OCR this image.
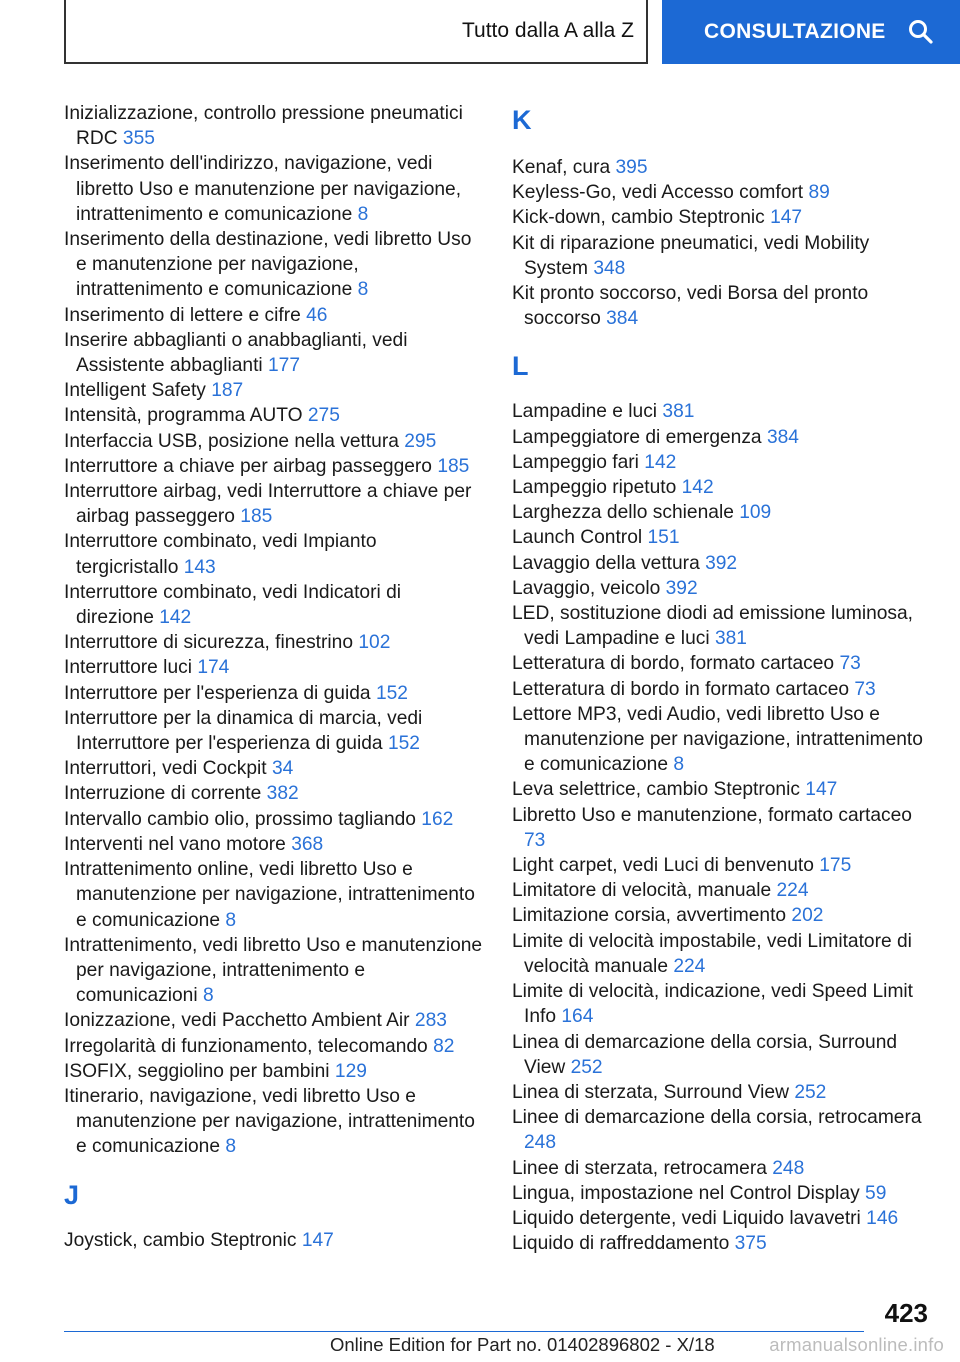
Tutto dalla A alla Z	CONSULTAZIONE
Inizializzazione, controllo pressione pneumatici RDC 355
Inserimento dell'indirizzo, navigazione, vedi libretto Uso e manutenzione per navigazione, intrattenimento e comunicazione 8
Inserimento della destinazione, vedi libretto Uso e manutenzione per navigazione, intrattenimento e comunicazione 8
Inserimento di lettere e cifre 46
Inserire abbaglianti o anabbaglianti, vedi Assistente abbaglianti 177
Intelligent Safety 187
Intensità, programma AUTO 275
Interfaccia USB, posizione nella vettura 295
Interruttore a chiave per airbag passeggero 185
Interruttore airbag, vedi Interruttore a chiave per airbag passeggero 185
Interruttore combinato, vedi Impianto tergicristallo 143
Interruttore combinato, vedi Indicatori di direzione 142
Interruttore di sicurezza, finestrino 102
Interruttore luci 174
Interruttore per l'esperienza di guida 152
Interruttore per la dinamica di marcia, vedi Interruttore per l'esperienza di guida 152
Interruttori, vedi Cockpit 34
Interruzione di corrente 382
Intervallo cambio olio, prossimo tagliando 162
Interventi nel vano motore 368
Intrattenimento online, vedi libretto Uso e manutenzione per navigazione, intrattenimento e comunicazione 8
Intrattenimento, vedi libretto Uso e manutenzione per navigazione, intrattenimento e comunicazioni 8
Ionizzazione, vedi Pacchetto Ambient Air 283
Irregolarità di funzionamento, telecomando 82
ISOFIX, seggiolino per bambini 129
Itinerario, navigazione, vedi libretto Uso e manutenzione per navigazione, intrattenimento e comunicazione 8
J
Joystick, cambio Steptronic 147
K
Kenaf, cura 395
Keyless-Go, vedi Accesso comfort 89
Kick-down, cambio Steptronic 147
Kit di riparazione pneumatici, vedi Mobility System 348
Kit pronto soccorso, vedi Borsa del pronto soccorso 384
L
Lampadine e luci 381
Lampeggiatore di emergenza 384
Lampeggio fari 142
Lampeggio ripetuto 142
Larghezza dello schienale 109
Launch Control 151
Lavaggio della vettura 392
Lavaggio, veicolo 392
LED, sostituzione diodi ad emissione luminosa, vedi Lampadine e luci 381
Letteratura di bordo, formato cartaceo 73
Letteratura di bordo in formato cartaceo 73
Lettore MP3, vedi Audio, vedi libretto Uso e manutenzione per navigazione, intrattenimento e comunicazione 8
Leva selettrice, cambio Steptronic 147
Libretto Uso e manutenzione, formato cartaceo 73
Light carpet, vedi Luci di benvenuto 175
Limitatore di velocità, manuale 224
Limitazione corsia, avvertimento 202
Limite di velocità impostabile, vedi Limitatore di velocità manuale 224
Limite di velocità, indicazione, vedi Speed Limit Info 164
Linea di demarcazione della corsia, Surround View 252
Linea di sterzata, Surround View 252
Linee di demarcazione della corsia, retrocamera 248
Linee di sterzata, retrocamera 248
Lingua, impostazione nel Control Display 59
Liquido detergente, vedi Liquido lavavetri 146
Liquido di raffreddamento 375
423
Online Edition for Part no. 01402896802 - X/18	armanualsonline.info
